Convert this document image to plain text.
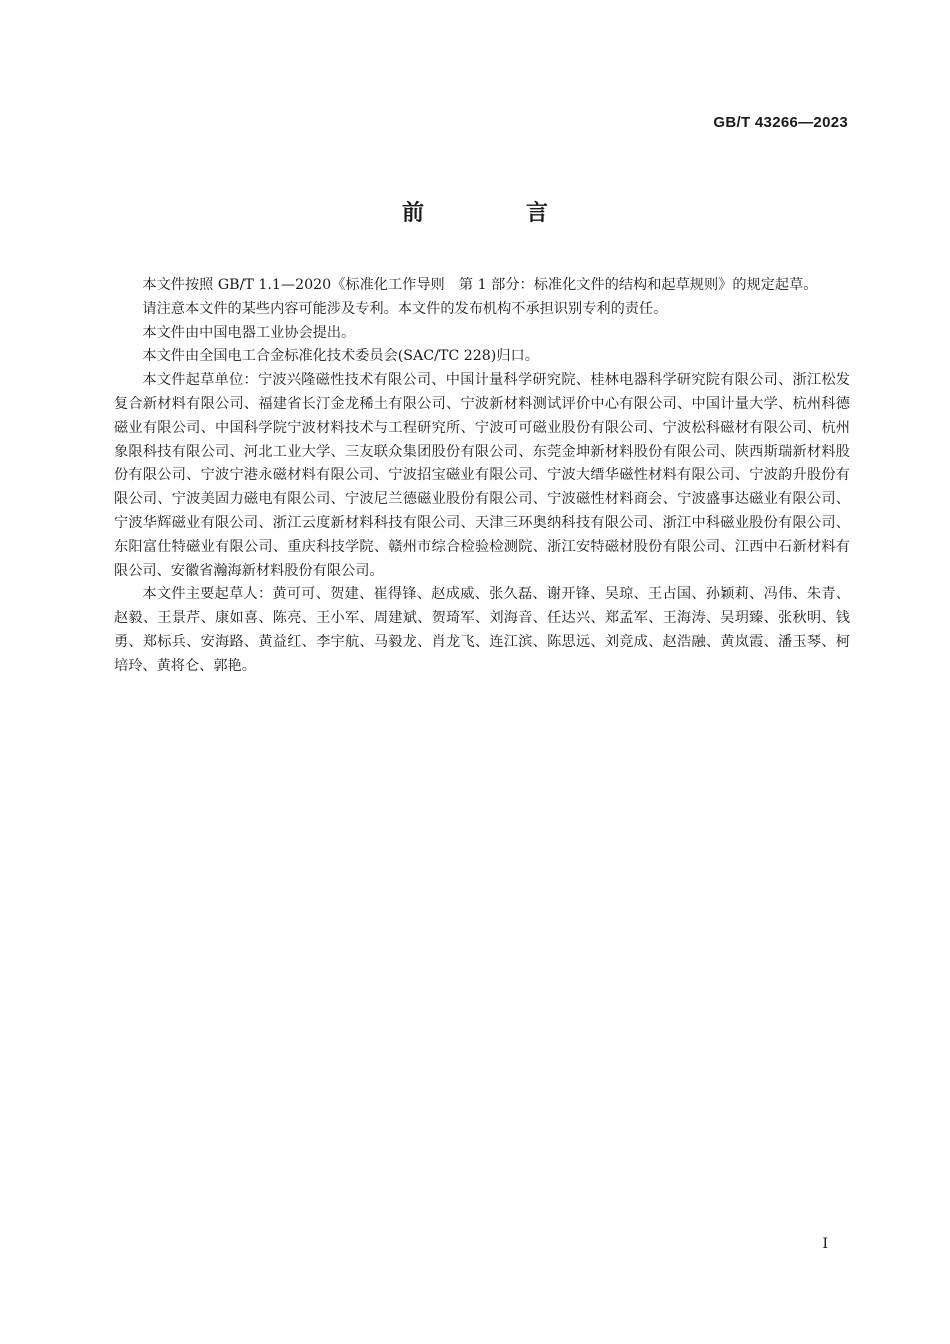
GB/T 43266—2023
前　言

本文件按照 GB/T 1.1—2020《标准化工作导则　第 1 部分：标准化文件的结构和起草规则》的规定起草。

请注意本文件的某些内容可能涉及专利。本文件的发布机构不承担识别专利的责任。

本文件由中国电器工业协会提出。

本文件由全国电工合金标准化技术委员会(SAC/TC 228)归口。

本文件起草单位：宁波兴隆磁性技术有限公司、中国计量科学研究院、桂林电器科学研究院有限公司、浙江松发复合新材料有限公司、福建省长汀金龙稀土有限公司、宁波新材料测试评价中心有限公司、中国计量大学、杭州科德磁业有限公司、中国科学院宁波材料技术与工程研究所、宁波可可磁业股份有限公司、宁波松科磁材有限公司、杭州象限科技有限公司、河北工业大学、三友联众集团股份有限公司、东莞金坤新材料股份有限公司、陕西斯瑞新材料股份有限公司、宁波宁港永磁材料有限公司、宁波招宝磁业有限公司、宁波大缙华磁性材料有限公司、宁波韵升股份有限公司、宁波美固力磁电有限公司、宁波尼兰德磁业股份有限公司、宁波磁性材料商会、宁波盛事达磁业有限公司、宁波华辉磁业有限公司、浙江云度新材料科技有限公司、天津三环奥纳科技有限公司、浙江中科磁业股份有限公司、东阳富仕特磁业有限公司、重庆科技学院、赣州市综合检验检测院、浙江安特磁材股份有限公司、江西中石新材料有限公司、安徽省瀚海新材料股份有限公司。

本文件主要起草人：黄可可、贺建、崔得锋、赵成威、张久磊、谢开锋、吴琼、王占国、孙颖莉、冯伟、朱青、赵毅、王景芹、康如喜、陈亮、王小军、周建斌、贺琦军、刘海音、任达兴、郑孟军、王海涛、吴玥臻、张秋明、钱勇、郑标兵、安海路、黄益红、李宇航、马毅龙、肖龙飞、连江滨、陈思远、刘竞成、赵浩融、黄岚霞、潘玉琴、柯培玲、黄将仑、郭艳。

I
